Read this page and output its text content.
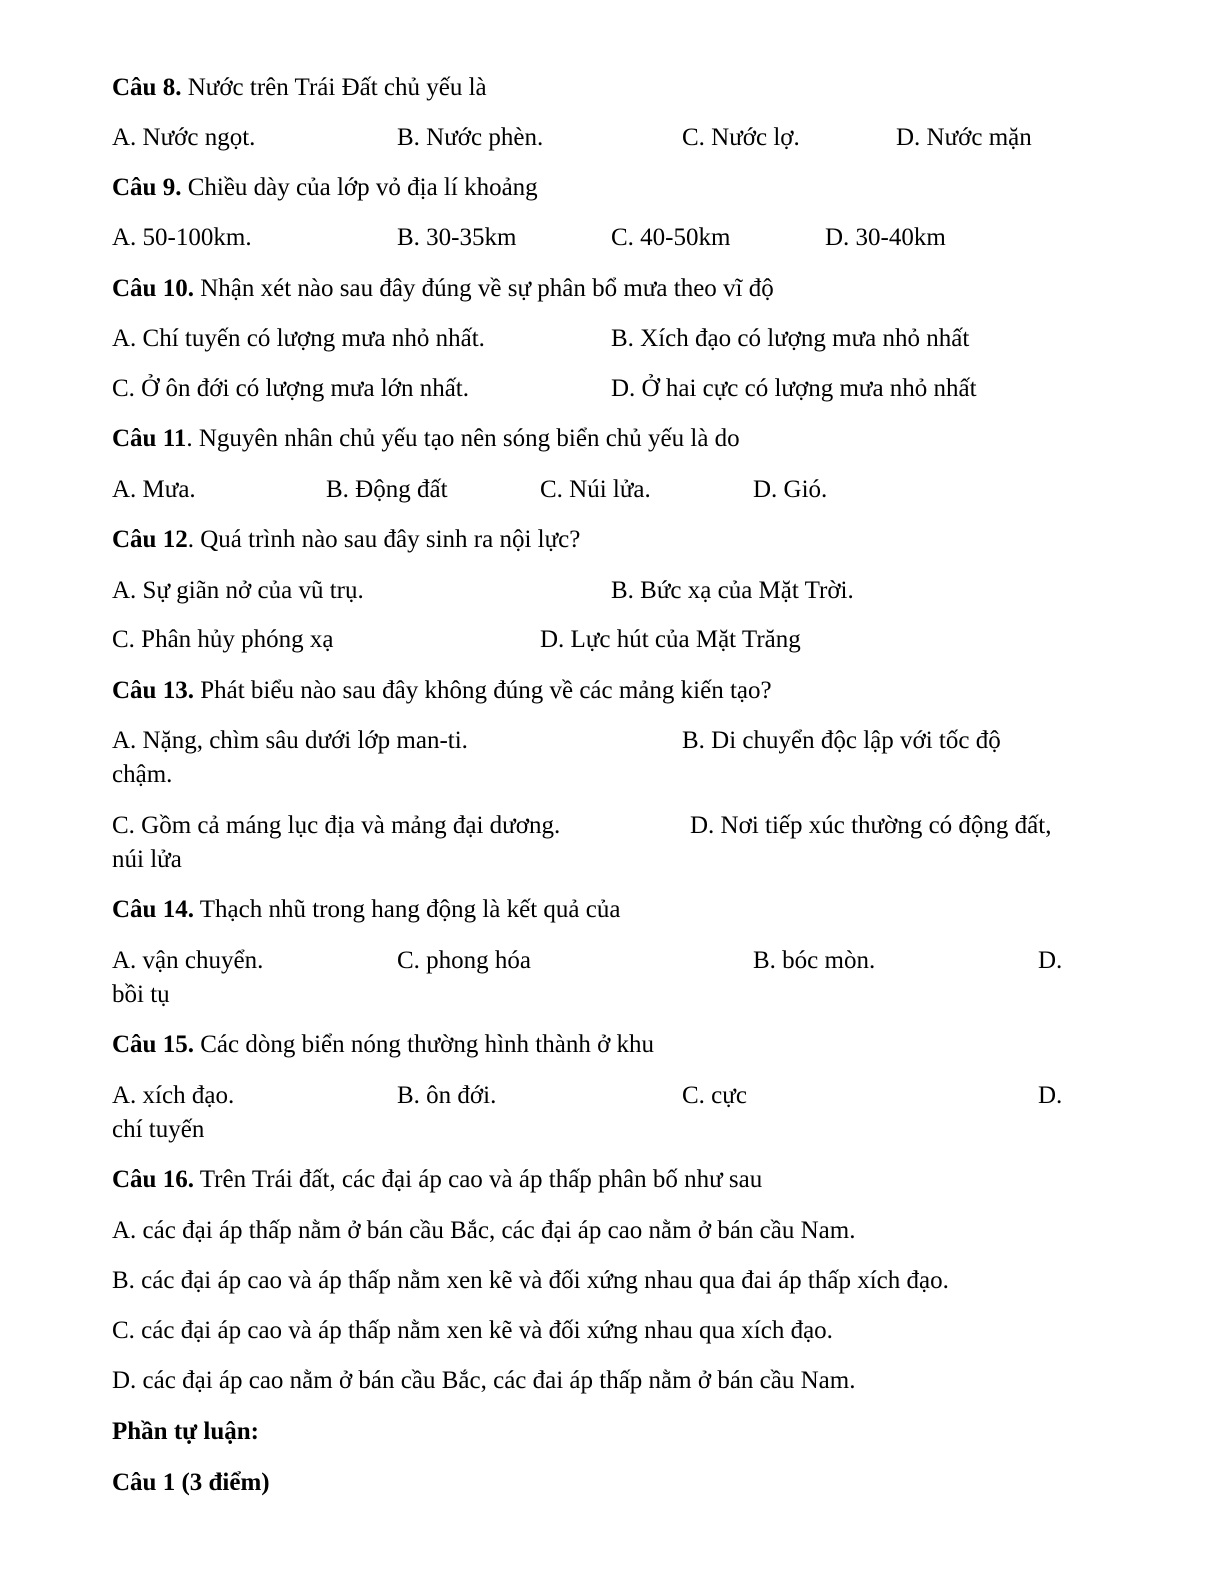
Câu 8. Nước trên Trái Đất chủ yếu là
A. Nước ngọt.	B. Nước phèn.	C. Nước lợ.	D. Nước mặn
Câu 9. Chiều dày của lớp vỏ địa lí khoảng
A. 50-100km.	B. 30-35km	C. 40-50km	D. 30-40km
Câu 10. Nhận xét nào sau đây đúng về sự phân bổ mưa theo vĩ độ
A. Chí tuyến có lượng mưa nhỏ nhất.	B. Xích đạo có lượng mưa nhỏ nhất
C. Ở ôn đới có lượng mưa lớn nhất.	D. Ở hai cực có lượng mưa nhỏ nhất
Câu 11. Nguyên nhân chủ yếu tạo nên sóng biển chủ yếu là do
A. Mưa.	B. Động đất	C. Núi lửa.	D. Gió.
Câu 12. Quá trình nào sau đây sinh ra nội lực?
A. Sự giãn nở của vũ trụ.	B. Bức xạ của Mặt Trời.
C. Phân hủy phóng xạ	D. Lực hút của Mặt Trăng
Câu 13. Phát biểu nào sau đây không đúng về các mảng kiến tạo?
A. Nặng, chìm sâu dưới lớp man-ti.	B. Di chuyển độc lập với tốc độ
chậm.
C. Gồm cả máng lục địa và mảng đại dương.	D. Nơi tiếp xúc thường có động đất,
núi lửa
Câu 14. Thạch nhũ trong hang động là kết quả của
A. vận chuyển.	C. phong hóa	B. bóc mòn.	D.
bồi tụ
Câu 15. Các dòng biển nóng thường hình thành ở khu
A. xích đạo.	B. ôn đới.	C. cực	D.
chí tuyến
Câu 16. Trên Trái đất, các đại áp cao và áp thấp phân bố như sau
A. các đại áp thấp nằm ở bán cầu Bắc, các đại áp cao nằm ở bán cầu Nam.
B. các đại áp cao và áp thấp nằm xen kẽ và đối xứng nhau qua đai áp thấp xích đạo.
C. các đại áp cao và áp thấp nằm xen kẽ và đối xứng nhau qua xích đạo.
D. các đại áp cao nằm ở bán cầu Bắc, các đai áp thấp nằm ở bán cầu Nam.
Phần tự luận:
Câu 1 (3 điểm)
